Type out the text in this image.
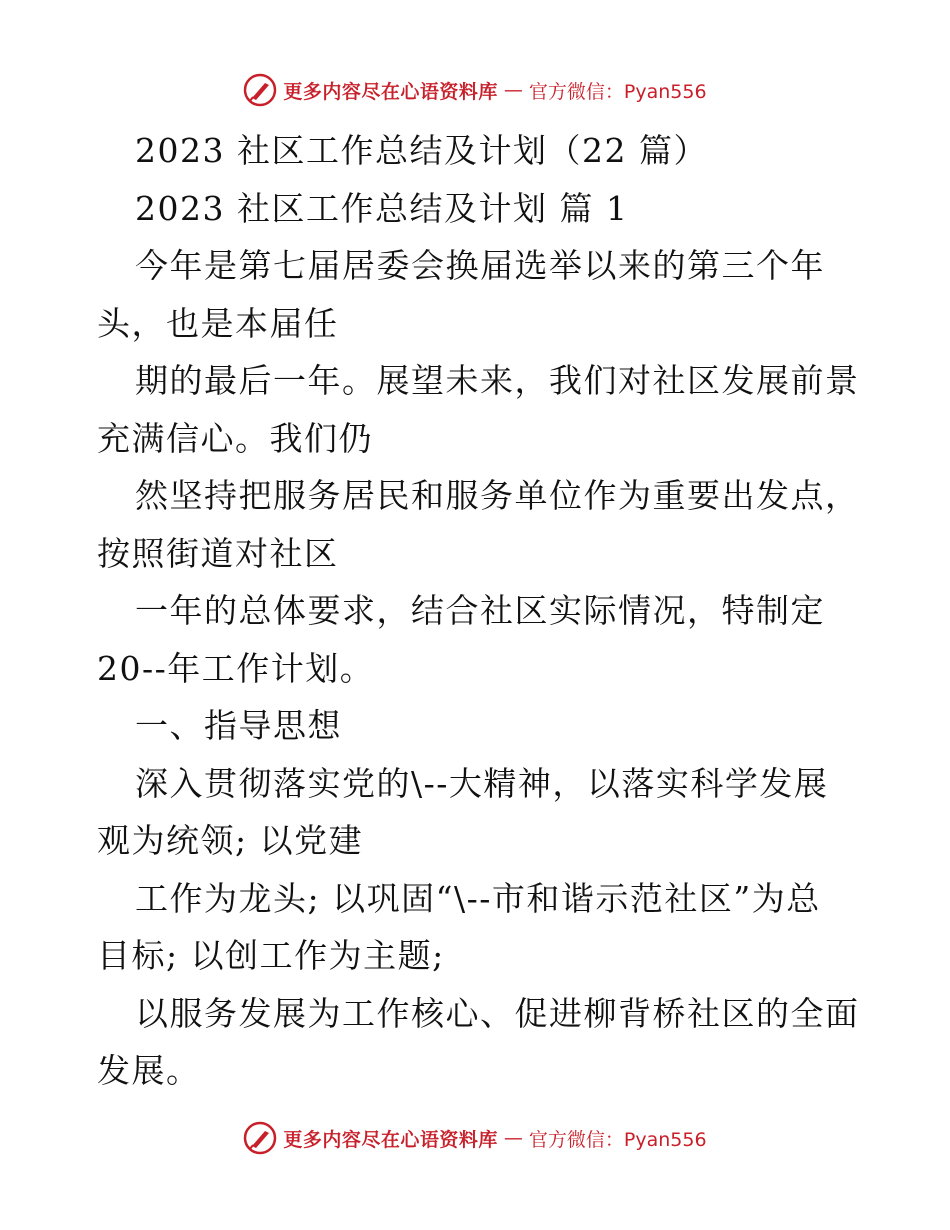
更多内容尽在心语资料库 — 官方微信：Pyan556
2023 社区工作总结及计划（22 篇）
2023 社区工作总结及计划 篇 1
今年是第七届居委会换届选举以来的第三个年
头，也是本届任
期的最后一年。展望未来，我们对社区发展前景
充满信心。我们仍
然坚持把服务居民和服务单位作为重要出发点，
按照街道对社区
一年的总体要求，结合社区实际情况，特制定
20--年工作计划。
一、指导思想
深入贯彻落实党的\--大精神，以落实科学发展
观为统领; 以党建
工作为龙头; 以巩固“\--市和谐示范社区”为总
目标; 以创工作为主题;
以服务发展为工作核心、促进柳背桥社区的全面
发展。
更多内容尽在心语资料库 — 官方微信：Pyan556
